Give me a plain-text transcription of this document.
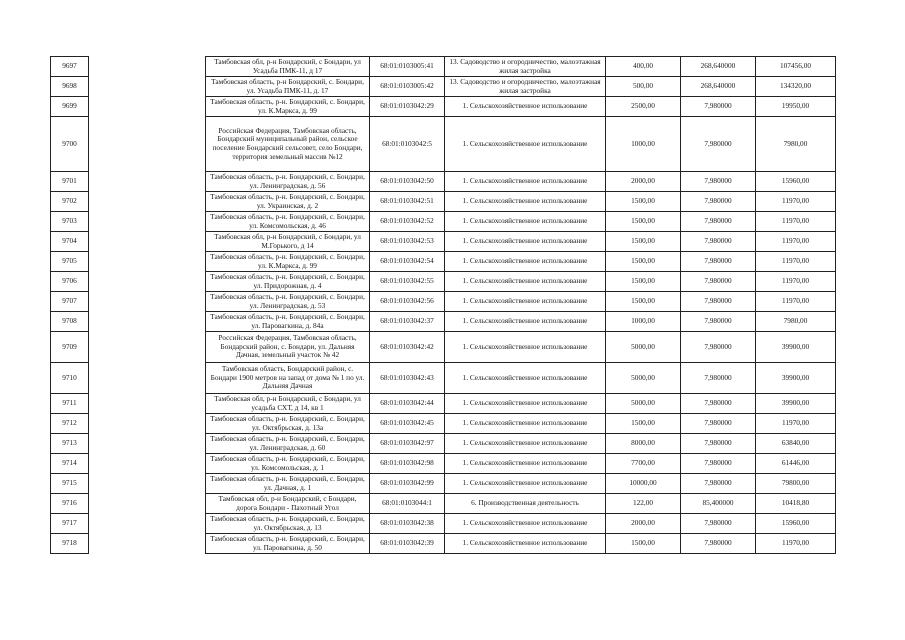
9697		Тамбовская обл, р-н Бондарский, с Бондари, ул Усадьба ПМК-11, д 17	68:01:0103005:41	13. Садоводство и огородничество, малоэтажная жилая застройка	400,00	268,640000	107456,00
9698		Тамбовская область, р-н Бондарский, с. Бондари, ул. Усадьба ПМК-11, д. 17	68:01:0103005:42	13. Садоводство и огородничество, малоэтажная жилая застройка	500,00	268,640000	134320,00
9699		Тамбовская область, р-н. Бондарский, с. Бондари, ул. К.Маркса, д. 99	68:01:0103042:29	1. Сельскохозяйственное использование	2500,00	7,980000	19950,00
9700		Российская Федерация, Тамбовская область, Бондарский муниципальный район, сельское поселение Бондарский сельсовет, село Бондари, территория земельный массив №12	68:01:0103042:5	1. Сельскохозяйственное использование	1000,00	7,980000	7980,00
9701		Тамбовская область, р-н. Бондарский, с. Бондари, ул. Ленинградская, д. 56	68:01:0103042:50	1. Сельскохозяйственное использование	2000,00	7,980000	15960,00
9702		Тамбовская область, р-н. Бондарский, с. Бондари, ул. Украинская, д. 2	68:01:0103042:51	1. Сельскохозяйственное использование	1500,00	7,980000	11970,00
9703		Тамбовская область, р-н. Бондарский, с. Бондари, ул. Комсомольская, д. 46	68:01:0103042:52	1. Сельскохозяйственное использование	1500,00	7,980000	11970,00
9704		Тамбовская обл, р-н Бондарский, с Бондари, ул М.Горького, д 14	68:01:0103042:53	1. Сельскохозяйственное использование	1500,00	7,980000	11970,00
9705		Тамбовская область, р-н. Бондарский, с. Бондари, ул. К.Маркса, д. 99	68:01:0103042:54	1. Сельскохозяйственное использование	1500,00	7,980000	11970,00
9706		Тамбовская область, р-н. Бондарский, с. Бондари, ул. Придорожная, д. 4	68:01:0103042:55	1. Сельскохозяйственное использование	1500,00	7,980000	11970,00
9707		Тамбовская область, р-н. Бондарский, с. Бондари, ул. Ленинградская, д. 53	68:01:0103042:56	1. Сельскохозяйственное использование	1500,00	7,980000	11970,00
9708		Тамбовская область, р-н. Бондарский, с. Бондари, ул. Паровагкина, д. 84а	68:01:0103042:37	1. Сельскохозяйственное использование	1000,00	7,980000	7980,00
9709		Российская Федерация, Тамбовская область, Бондарский район, с. Бондари, ул. Дальняя Дачная, земельный участок № 42	68:01:0103042:42	1. Сельскохозяйственное использование	5000,00	7,980000	39900,00
9710		Тамбовская область, Бондарский район, с. Бондари 1900 метров на запад от дома № 1 по ул. Дальняя Дачная	68:01:0103042:43	1. Сельскохозяйственное использование	5000,00	7,980000	39900,00
9711		Тамбовская обл, р-н Бондарский, с Бондари, ул усадьба СХТ, д 14, кв 1	68:01:0103042:44	1. Сельскохозяйственное использование	5000,00	7,980000	39900,00
9712		Тамбовская область, р-н. Бондарский, с. Бондари, ул. Октябрьская, д. 13а	68:01:0103042:45	1. Сельскохозяйственное использование	1500,00	7,980000	11970,00
9713		Тамбовская область, р-н. Бондарский, с. Бондари, ул. Ленинградская, д. 60	68:01:0103042:97	1. Сельскохозяйственное использование	8000,00	7,980000	63840,00
9714		Тамбовская область, р-н. Бондарский, с. Бондари, ул. Комсомольская, д. 1	68:01:0103042:98	1. Сельскохозяйственное использование	7700,00	7,980000	61446,00
9715		Тамбовская область, р-н. Бондарский, с. Бондари, ул. Дачная, д. 1	68:01:0103042:99	1. Сельскохозяйственное использование	10000,00	7,980000	79800,00
9716		Тамбовская обл, р-н Бондарский, с Бондари, дорога Бондари - Пахотный Угол	68:01:0103044:1	6. Производственная деятельность	122,00	85,400000	10418,80
9717		Тамбовская область, р-н. Бондарский, с. Бондари, ул. Октябрьская, д. 13	68:01:0103042:38	1. Сельскохозяйственное использование	2000,00	7,980000	15960,00
9718		Тамбовская область, р-н. Бондарский, с. Бондари, ул. Паровагкина, д. 50	68:01:0103042:39	1. Сельскохозяйственное использование	1500,00	7,980000	11970,00
